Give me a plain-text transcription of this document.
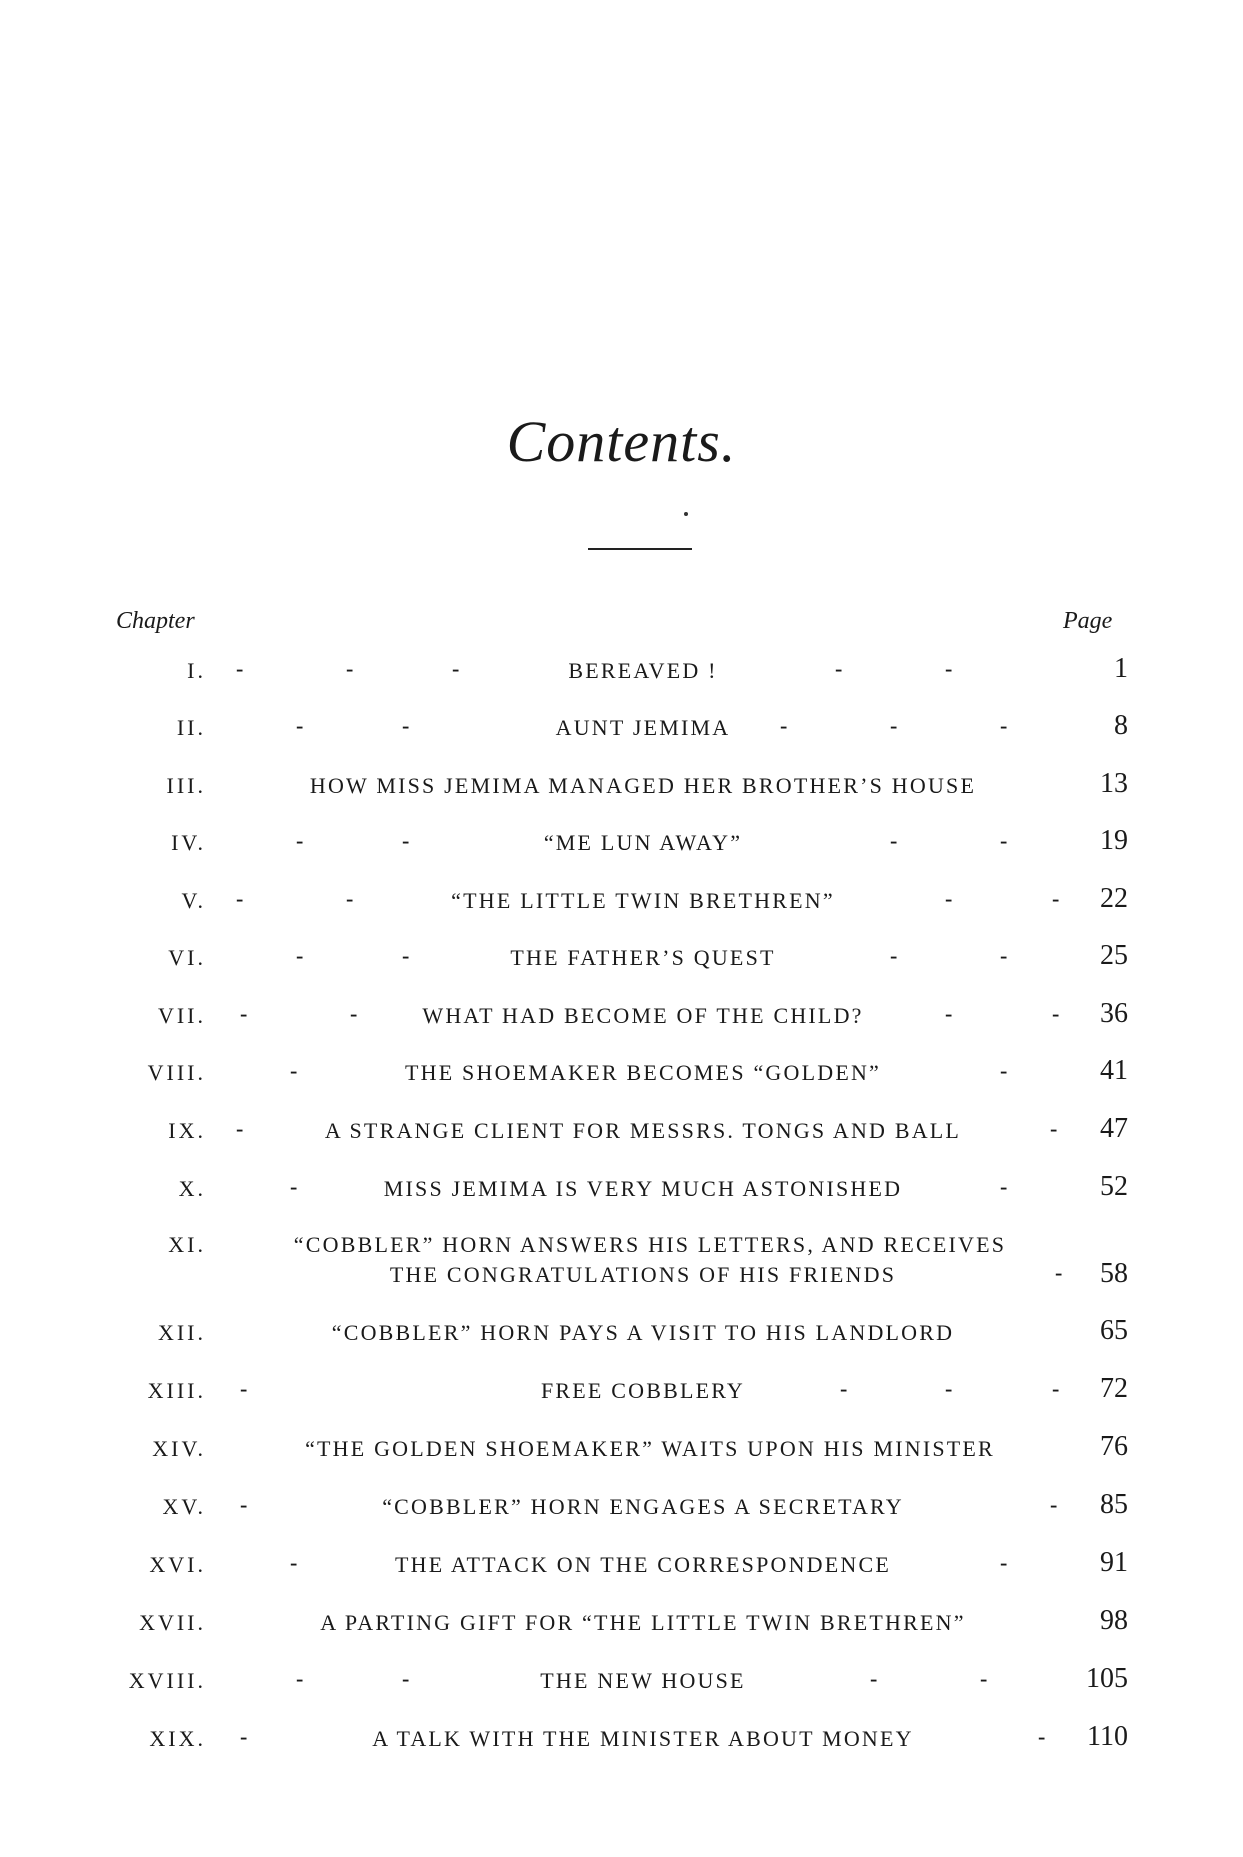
Contents.
Chapter	Page
I.	BEREAVED !	1
II.	AUNT JEMIMA	8
III.	HOW MISS JEMIMA MANAGED HER BROTHER’S HOUSE	13
IV.	“ME LUN AWAY”	19
V.	“THE LITTLE TWIN BRETHREN”	22
VI.	THE FATHER’S QUEST	25
VII.	WHAT HAD BECOME OF THE CHILD?	36
VIII.	THE SHOEMAKER BECOMES “GOLDEN”	41
IX.	A STRANGE CLIENT FOR MESSRS. TONGS AND BALL	47
X.	MISS JEMIMA IS VERY MUCH ASTONISHED	52
XI.	“COBBLER” HORN ANSWERS HIS LETTERS, AND RECEIVES
THE CONGRATULATIONS OF HIS FRIENDS	58
XII.	“COBBLER” HORN PAYS A VISIT TO HIS LANDLORD	65
XIII.	FREE COBBLERY	72
XIV.	“THE GOLDEN SHOEMAKER” WAITS UPON HIS MINISTER	76
XV.	“COBBLER” HORN ENGAGES A SECRETARY	85
XVI.	THE ATTACK ON THE CORRESPONDENCE	91
XVII.	A PARTING GIFT FOR “THE LITTLE TWIN BRETHREN”	98
XVIII.	THE NEW HOUSE	105
XIX.	A TALK WITH THE MINISTER ABOUT MONEY	110
-	-	-	-	-
-	-	-	-	-
-	-	-	-
-	-	-	-
-	-	-	-
-	-	-	-
-	-
-	-
-	-
-
-	-	-	-
-	-
-	-
-	-	-	-
-	-
